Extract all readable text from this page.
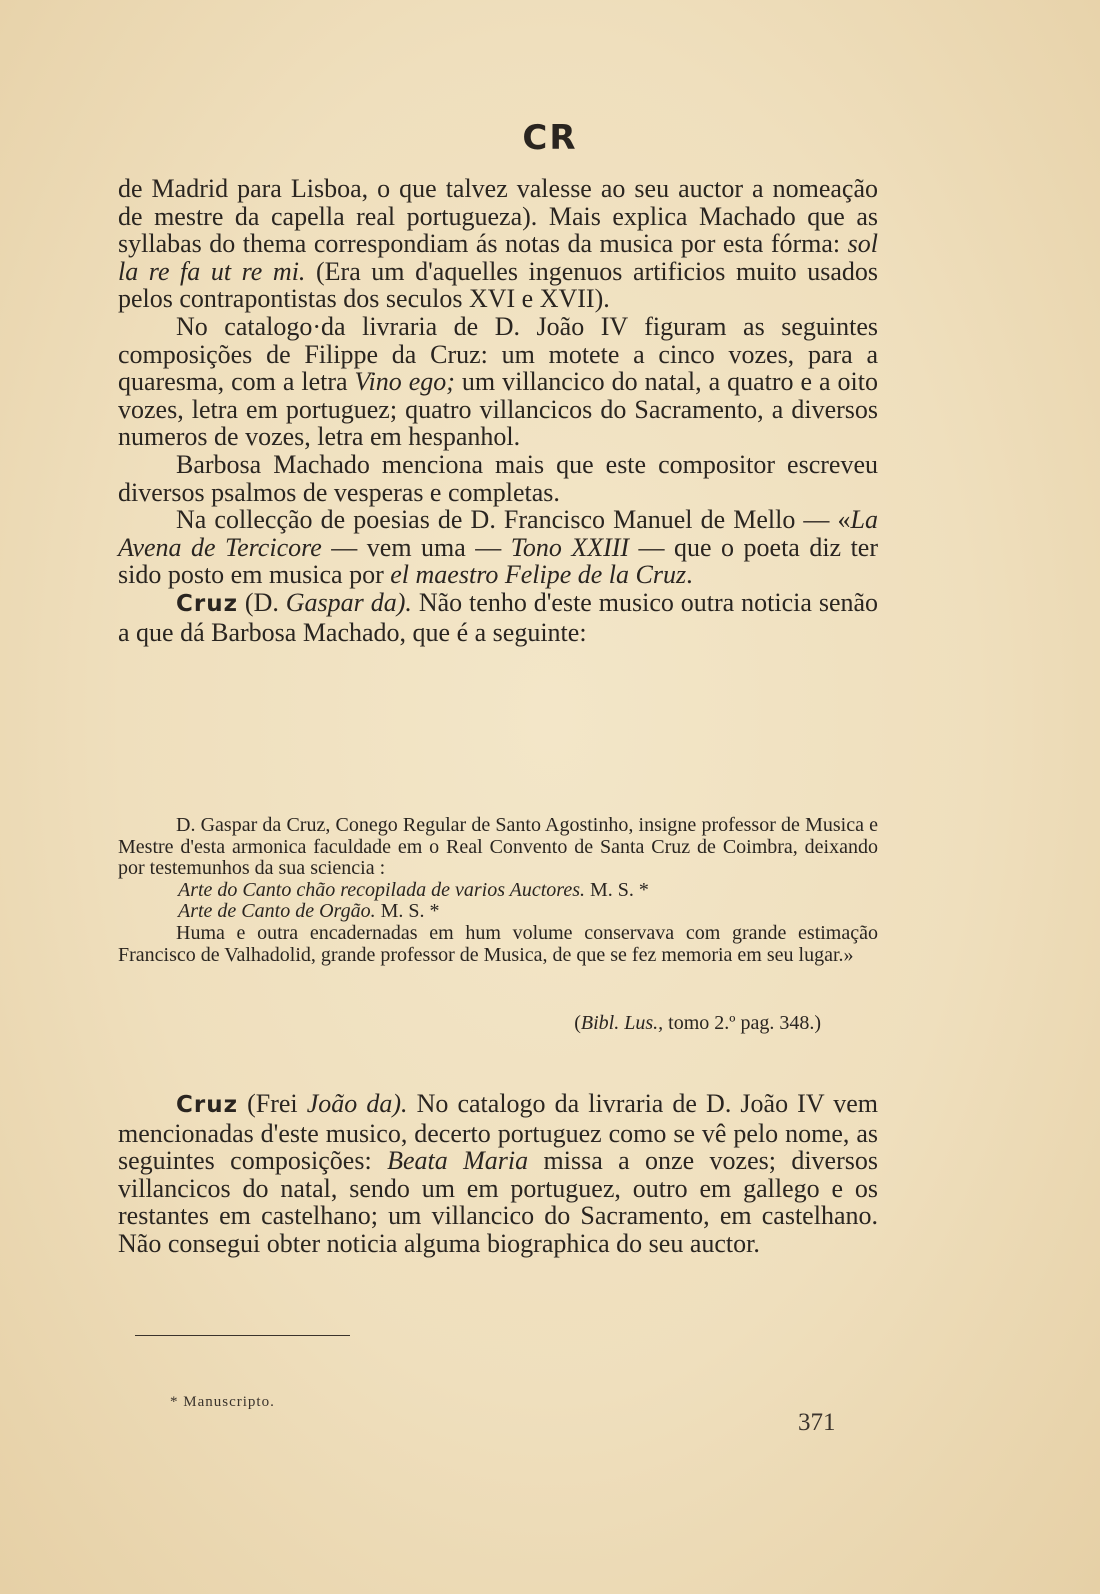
CR

de Madrid para Lisboa, o que talvez valesse ao seu auctor a nomeação de mestre da capella real portugueza). Mais explica Machado que as syllabas do thema correspondiam ás notas da musica por esta fórma: sol la re fa ut re mi. (Era um d'aquelles ingenuos artificios muito usados pelos contrapontistas dos seculos XVI e XVII).

No catalogo·da livraria de D. João IV figuram as seguintes composições de Filippe da Cruz: um motete a cinco vozes, para a quaresma, com a letra Vino ego; um villancico do natal, a quatro e a oito vozes, letra em portuguez; quatro villancicos do Sacramento, a diversos numeros de vozes, letra em hespanhol.

Barbosa Machado menciona mais que este compositor escreveu diversos psalmos de vesperas e completas.

Na collecção de poesias de D. Francisco Manuel de Mello — «La Avena de Tercicore — vem uma — Tono XXIII — que o poeta diz ter sido posto em musica por el maestro Felipe de la Cruz.

Cruz (D. Gaspar da). Não tenho d'este musico outra noticia senão a que dá Barbosa Machado, que é a seguinte:

D. Gaspar da Cruz, Conego Regular de Santo Agostinho, insigne professor de Musica e Mestre d'esta armonica faculdade em o Real Convento de Santa Cruz de Coimbra, deixando por testemunhos da sua sciencia :

Arte do Canto chão recopilada de varios Auctores. M. S. *

Arte de Canto de Orgão. M. S. *

Huma e outra encadernadas em hum volume conservava com grande estimação Francisco de Valhadolid, grande professor de Musica, de que se fez memoria em seu lugar.»

(Bibl. Lus., tomo 2.º pag. 348.)

Cruz (Frei João da). No catalogo da livraria de D. João IV vem mencionadas d'este musico, decerto portuguez como se vê pelo nome, as seguintes composições: Beata Maria missa a onze vozes; diversos villancicos do natal, sendo um em portuguez, outro em gallego e os restantes em castelhano; um villancico do Sacramento, em castelhano. Não consegui obter noticia alguma biographica do seu auctor.

* Manuscripto.
371
